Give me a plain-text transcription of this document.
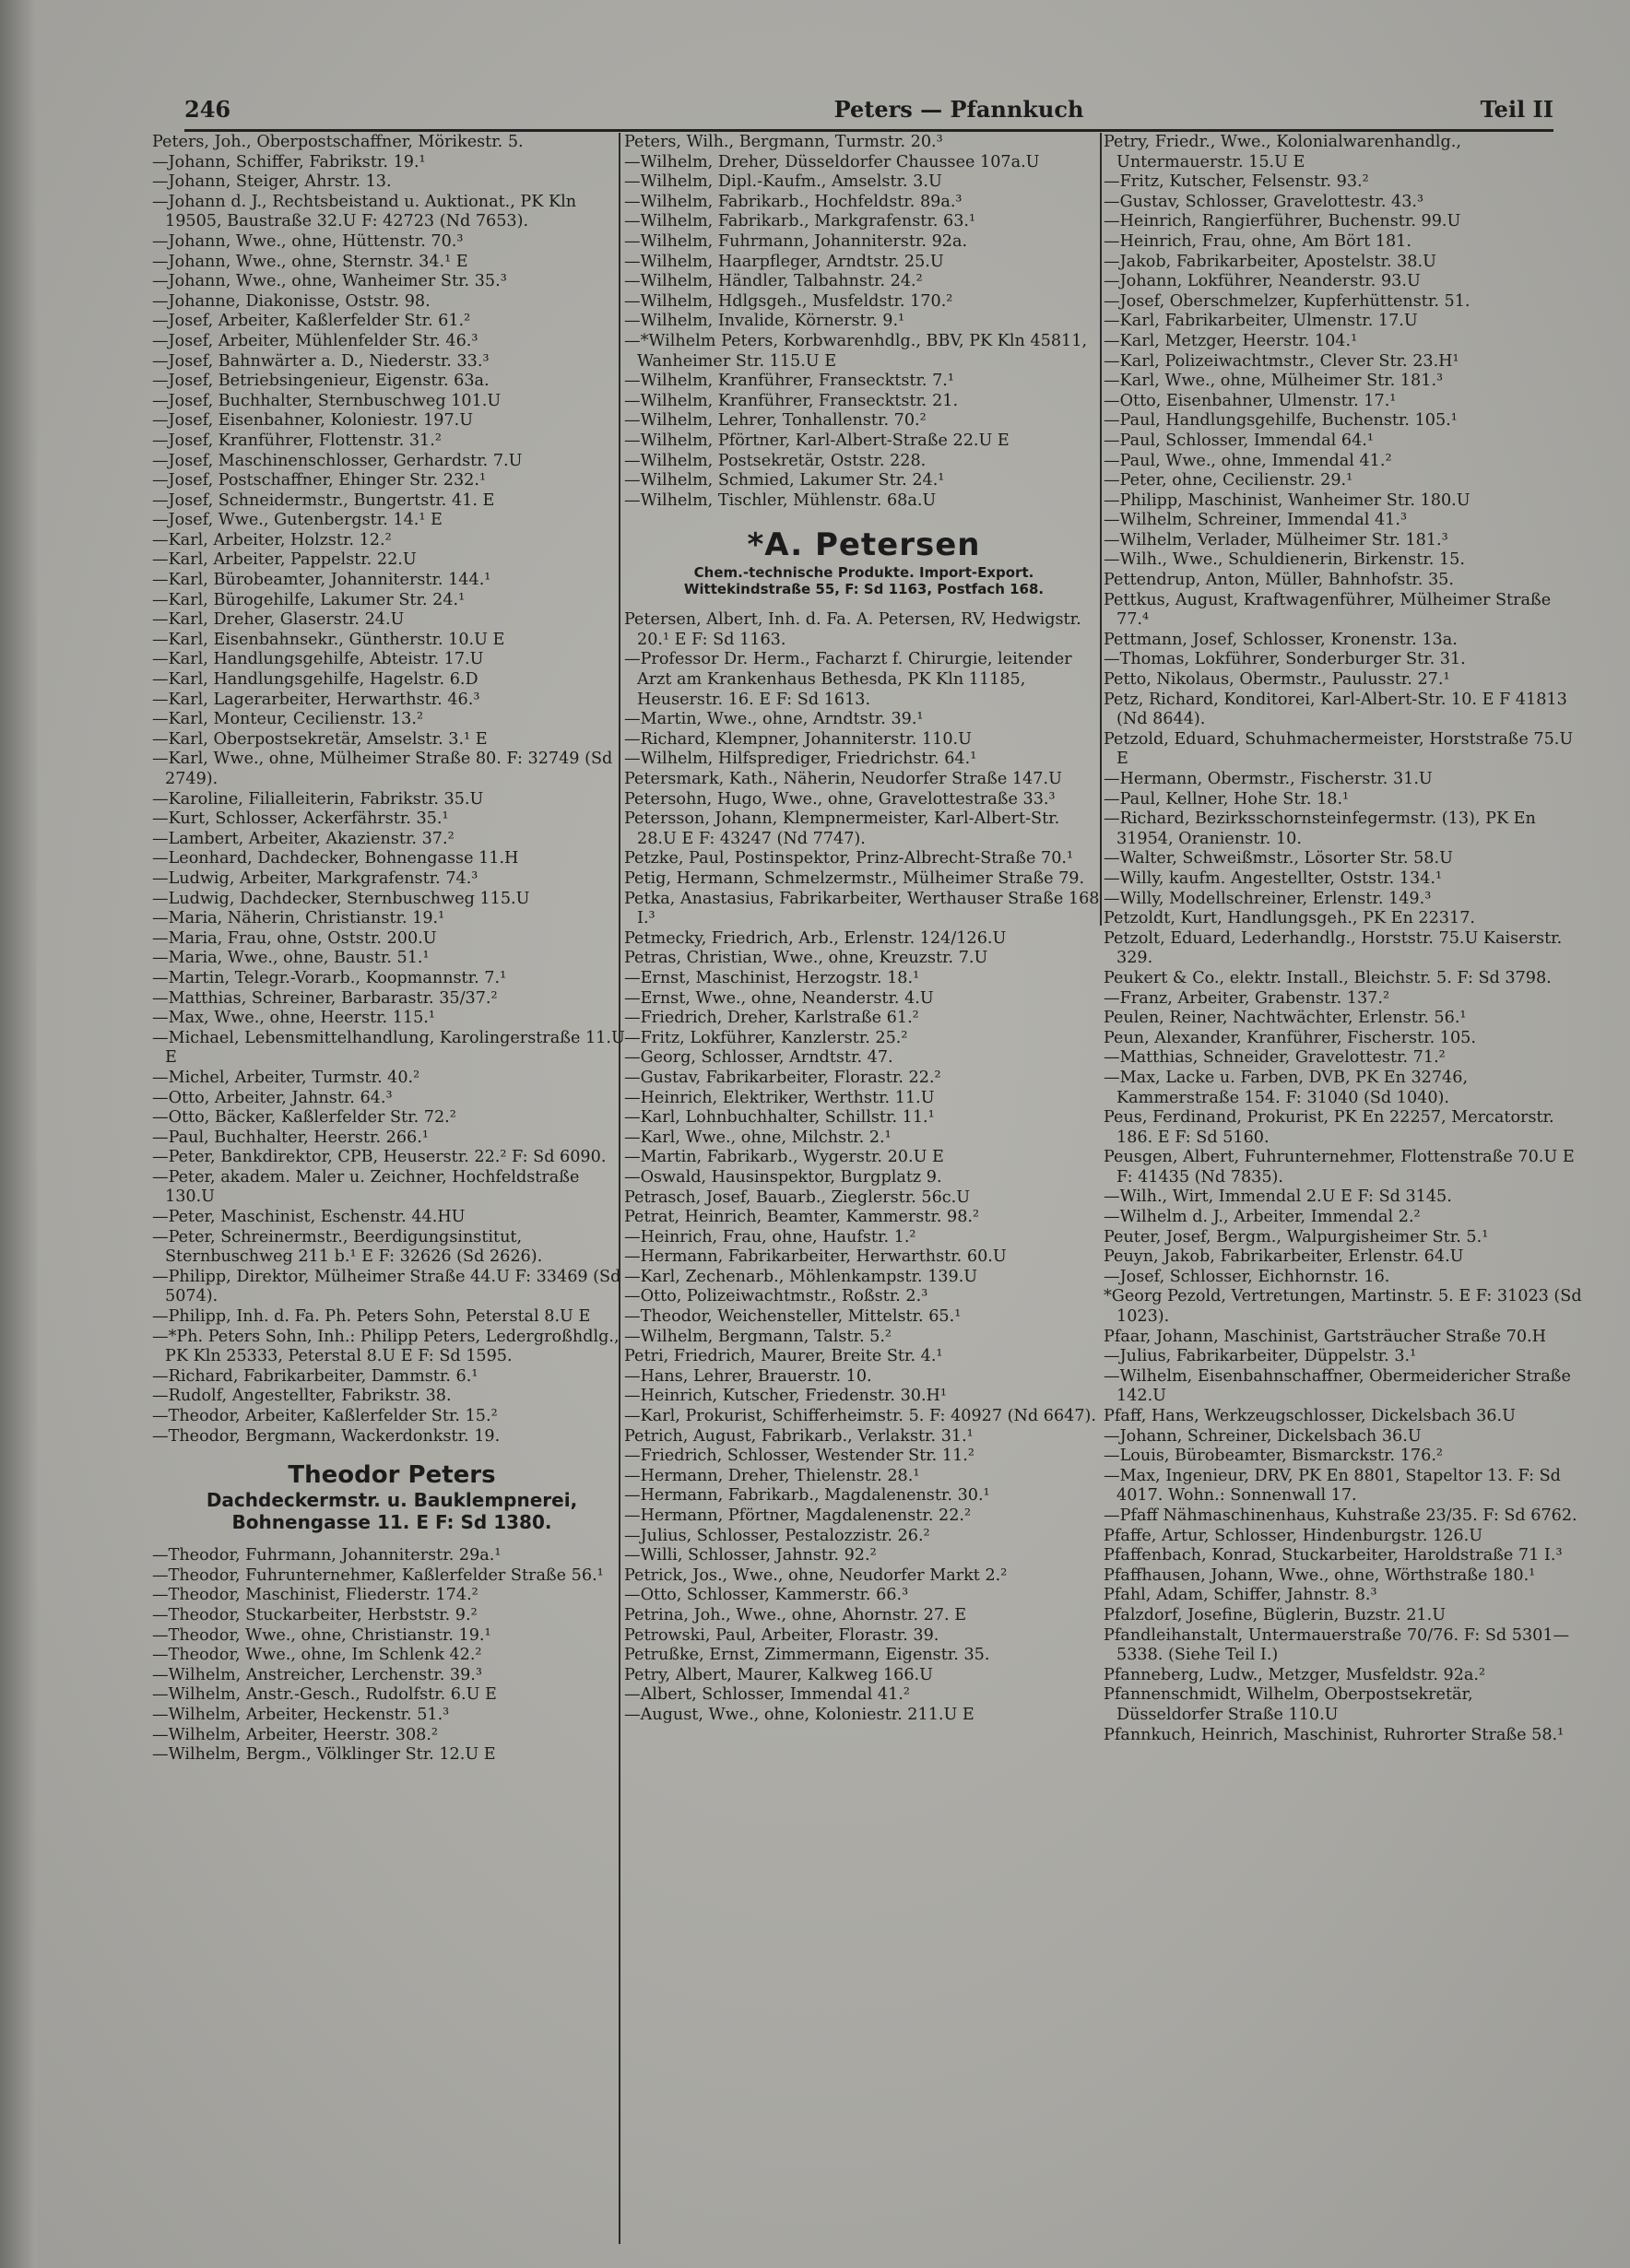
246	Peters — Pfannkuch	Teil II

Peters, Joh., Oberpostschaffner, Mörikestr. 5.

—Johann, Schiffer, Fabrikstr. 19.¹

—Johann, Steiger, Ahrstr. 13.

—Johann d. J., Rechtsbeistand u. Auktionat., PK Kln 19505, Baustraße 32.U F: 42723 (Nd 7653).

—Johann, Wwe., ohne, Hüttenstr. 70.³

—Johann, Wwe., ohne, Sternstr. 34.¹ E

—Johann, Wwe., ohne, Wanheimer Str. 35.³

—Johanne, Diakonisse, Oststr. 98.

—Josef, Arbeiter, Kaßlerfelder Str. 61.²

—Josef, Arbeiter, Mühlenfelder Str. 46.³

—Josef, Bahnwärter a. D., Niederstr. 33.³

—Josef, Betriebsingenieur, Eigenstr. 63a.

—Josef, Buchhalter, Sternbuschweg 101.U

—Josef, Eisenbahner, Koloniestr. 197.U

—Josef, Kranführer, Flottenstr. 31.²

—Josef, Maschinenschlosser, Gerhardstr. 7.U

—Josef, Postschaffner, Ehinger Str. 232.¹

—Josef, Schneidermstr., Bungertstr. 41. E

—Josef, Wwe., Gutenbergstr. 14.¹ E

—Karl, Arbeiter, Holzstr. 12.²

—Karl, Arbeiter, Pappelstr. 22.U

—Karl, Bürobeamter, Johanniterstr. 144.¹

—Karl, Bürogehilfe, Lakumer Str. 24.¹

—Karl, Dreher, Glaserstr. 24.U

—Karl, Eisenbahnsekr., Güntherstr. 10.U E

—Karl, Handlungsgehilfe, Abteistr. 17.U

—Karl, Handlungsgehilfe, Hagelstr. 6.D

—Karl, Lagerarbeiter, Herwarthstr. 46.³

—Karl, Monteur, Cecilienstr. 13.²

—Karl, Oberpostsekretär, Amselstr. 3.¹ E

—Karl, Wwe., ohne, Mülheimer Straße 80. F: 32749 (Sd 2749).

—Karoline, Filialleiterin, Fabrikstr. 35.U

—Kurt, Schlosser, Ackerfährstr. 35.¹

—Lambert, Arbeiter, Akazienstr. 37.²

—Leonhard, Dachdecker, Bohnengasse 11.H

—Ludwig, Arbeiter, Markgrafenstr. 74.³

—Ludwig, Dachdecker, Sternbuschweg 115.U

—Maria, Näherin, Christianstr. 19.¹

—Maria, Frau, ohne, Oststr. 200.U

—Maria, Wwe., ohne, Baustr. 51.¹

—Martin, Telegr.-Vorarb., Koopmannstr. 7.¹

—Matthias, Schreiner, Barbarastr. 35/37.²

—Max, Wwe., ohne, Heerstr. 115.¹

—Michael, Lebensmittelhandlung, Karolingerstraße 11.U E

—Michel, Arbeiter, Turmstr. 40.²

—Otto, Arbeiter, Jahnstr. 64.³

—Otto, Bäcker, Kaßlerfelder Str. 72.²

—Paul, Buchhalter, Heerstr. 266.¹

—Peter, Bankdirektor, CPB, Heuserstr. 22.² F: Sd 6090.

—Peter, akadem. Maler u. Zeichner, Hochfeldstraße 130.U

—Peter, Maschinist, Eschenstr. 44.HU

—Peter, Schreinermstr., Beerdigungsinstitut, Sternbuschweg 211 b.¹ E F: 32626 (Sd 2626).

—Philipp, Direktor, Mülheimer Straße 44.U F: 33469 (Sd 5074).

—Philipp, Inh. d. Fa. Ph. Peters Sohn, Peterstal 8.U E

—*Ph. Peters Sohn, Inh.: Philipp Peters, Ledergroßhdlg., PK Kln 25333, Peterstal 8.U E F: Sd 1595.

—Richard, Fabrikarbeiter, Dammstr. 6.¹

—Rudolf, Angestellter, Fabrikstr. 38.

—Theodor, Arbeiter, Kaßlerfelder Str. 15.²

—Theodor, Bergmann, Wackerdonkstr. 19.

Theodor Peters
Dachdeckermstr. u. Bauklempnerei,
Bohnengasse 11. E F: Sd 1380.

—Theodor, Fuhrmann, Johanniterstr. 29a.¹

—Theodor, Fuhrunternehmer, Kaßlerfelder Straße 56.¹

—Theodor, Maschinist, Fliederstr. 174.²

—Theodor, Stuckarbeiter, Herbststr. 9.²

—Theodor, Wwe., ohne, Christianstr. 19.¹

—Theodor, Wwe., ohne, Im Schlenk 42.²

—Wilhelm, Anstreicher, Lerchenstr. 39.³

—Wilhelm, Anstr.-Gesch., Rudolfstr. 6.U E

—Wilhelm, Arbeiter, Heckenstr. 51.³

—Wilhelm, Arbeiter, Heerstr. 308.²

—Wilhelm, Bergm., Völklinger Str. 12.U E

Peters, Wilh., Bergmann, Turmstr. 20.³

—Wilhelm, Dreher, Düsseldorfer Chaussee 107a.U

—Wilhelm, Dipl.-Kaufm., Amselstr. 3.U

—Wilhelm, Fabrikarb., Hochfeldstr. 89a.³

—Wilhelm, Fabrikarb., Markgrafenstr. 63.¹

—Wilhelm, Fuhrmann, Johanniterstr. 92a.

—Wilhelm, Haarpfleger, Arndtstr. 25.U

—Wilhelm, Händler, Talbahnstr. 24.²

—Wilhelm, Hdlgsgeh., Musfeldstr. 170.²

—Wilhelm, Invalide, Körnerstr. 9.¹

—*Wilhelm Peters, Korbwarenhdlg., BBV, PK Kln 45811, Wanheimer Str. 115.U E

—Wilhelm, Kranführer, Fransecktstr. 7.¹

—Wilhelm, Kranführer, Fransecktstr. 21.

—Wilhelm, Lehrer, Tonhallenstr. 70.²

—Wilhelm, Pförtner, Karl-Albert-Straße 22.U E

—Wilhelm, Postsekretär, Oststr. 228.

—Wilhelm, Schmied, Lakumer Str. 24.¹

—Wilhelm, Tischler, Mühlenstr. 68a.U

*A. Petersen
Chem.-technische Produkte. Import-Export.
Wittekindstraße 55, F: Sd 1163, Postfach 168.

Petersen, Albert, Inh. d. Fa. A. Petersen, RV, Hedwigstr. 20.¹ E F: Sd 1163.

—Professor Dr. Herm., Facharzt f. Chirurgie, leitender Arzt am Krankenhaus Bethesda, PK Kln 11185, Heuserstr. 16. E F: Sd 1613.

—Martin, Wwe., ohne, Arndtstr. 39.¹

—Richard, Klempner, Johanniterstr. 110.U

—Wilhelm, Hilfsprediger, Friedrichstr. 64.¹

Petersmark, Kath., Näherin, Neudorfer Straße 147.U

Petersohn, Hugo, Wwe., ohne, Gravelottestraße 33.³

Petersson, Johann, Klempnermeister, Karl-Albert-Str. 28.U E F: 43247 (Nd 7747).

Petzke, Paul, Postinspektor, Prinz-Albrecht-Straße 70.¹

Petig, Hermann, Schmelzermstr., Mülheimer Straße 79.

Petka, Anastasius, Fabrikarbeiter, Werthauser Straße 168 I.³

Petmecky, Friedrich, Arb., Erlenstr. 124/126.U

Petras, Christian, Wwe., ohne, Kreuzstr. 7.U

—Ernst, Maschinist, Herzogstr. 18.¹

—Ernst, Wwe., ohne, Neanderstr. 4.U

—Friedrich, Dreher, Karlstraße 61.²

—Fritz, Lokführer, Kanzlerstr. 25.²

—Georg, Schlosser, Arndtstr. 47.

—Gustav, Fabrikarbeiter, Florastr. 22.²

—Heinrich, Elektriker, Werthstr. 11.U

—Karl, Lohnbuchhalter, Schillstr. 11.¹

—Karl, Wwe., ohne, Milchstr. 2.¹

—Martin, Fabrikarb., Wygerstr. 20.U E

—Oswald, Hausinspektor, Burgplatz 9.

Petrasch, Josef, Bauarb., Zieglerstr. 56c.U

Petrat, Heinrich, Beamter, Kammerstr. 98.²

—Heinrich, Frau, ohne, Haufstr. 1.²

—Hermann, Fabrikarbeiter, Herwarthstr. 60.U

—Karl, Zechenarb., Möhlenkampstr. 139.U

—Otto, Polizeiwachtmstr., Roßstr. 2.³

—Theodor, Weichensteller, Mittelstr. 65.¹

—Wilhelm, Bergmann, Talstr. 5.²

Petri, Friedrich, Maurer, Breite Str. 4.¹

—Hans, Lehrer, Brauerstr. 10.

—Heinrich, Kutscher, Friedenstr. 30.H¹

—Karl, Prokurist, Schifferheimstr. 5. F: 40927 (Nd 6647).

Petrich, August, Fabrikarb., Verlakstr. 31.¹

—Friedrich, Schlosser, Westender Str. 11.²

—Hermann, Dreher, Thielenstr. 28.¹

—Hermann, Fabrikarb., Magdalenenstr. 30.¹

—Hermann, Pförtner, Magdalenenstr. 22.²

—Julius, Schlosser, Pestalozzistr. 26.²

—Willi, Schlosser, Jahnstr. 92.²

Petrick, Jos., Wwe., ohne, Neudorfer Markt 2.²

—Otto, Schlosser, Kammerstr. 66.³

Petrina, Joh., Wwe., ohne, Ahornstr. 27. E

Petrowski, Paul, Arbeiter, Florastr. 39.

Petrußke, Ernst, Zimmermann, Eigenstr. 35.

Petry, Albert, Maurer, Kalkweg 166.U

—Albert, Schlosser, Immendal 41.²

—August, Wwe., ohne, Koloniestr. 211.U E

Petry, Friedr., Wwe., Kolonialwarenhandlg., Untermauerstr. 15.U E

—Fritz, Kutscher, Felsenstr. 93.²

—Gustav, Schlosser, Gravelottestr. 43.³

—Heinrich, Rangierführer, Buchenstr. 99.U

—Heinrich, Frau, ohne, Am Bört 181.

—Jakob, Fabrikarbeiter, Apostelstr. 38.U

—Johann, Lokführer, Neanderstr. 93.U

—Josef, Oberschmelzer, Kupferhüttenstr. 51.

—Karl, Fabrikarbeiter, Ulmenstr. 17.U

—Karl, Metzger, Heerstr. 104.¹

—Karl, Polizeiwachtmstr., Clever Str. 23.H¹

—Karl, Wwe., ohne, Mülheimer Str. 181.³

—Otto, Eisenbahner, Ulmenstr. 17.¹

—Paul, Handlungsgehilfe, Buchenstr. 105.¹

—Paul, Schlosser, Immendal 64.¹

—Paul, Wwe., ohne, Immendal 41.²

—Peter, ohne, Cecilienstr. 29.¹

—Philipp, Maschinist, Wanheimer Str. 180.U

—Wilhelm, Schreiner, Immendal 41.³

—Wilhelm, Verlader, Mülheimer Str. 181.³

—Wilh., Wwe., Schuldienerin, Birkenstr. 15.

Pettendrup, Anton, Müller, Bahnhofstr. 35.

Pettkus, August, Kraftwagenführer, Mülheimer Straße 77.⁴

Pettmann, Josef, Schlosser, Kronenstr. 13a.

—Thomas, Lokführer, Sonderburger Str. 31.

Petto, Nikolaus, Obermstr., Paulusstr. 27.¹

Petz, Richard, Konditorei, Karl-Albert-Str. 10. E F 41813 (Nd 8644).

Petzold, Eduard, Schuhmachermeister, Horststraße 75.U E

—Hermann, Obermstr., Fischerstr. 31.U

—Paul, Kellner, Hohe Str. 18.¹

—Richard, Bezirksschornsteinfegermstr. (13), PK En 31954, Oranienstr. 10.

—Walter, Schweißmstr., Lösorter Str. 58.U

—Willy, kaufm. Angestellter, Oststr. 134.¹

—Willy, Modellschreiner, Erlenstr. 149.³

Petzoldt, Kurt, Handlungsgeh., PK En 22317.

Petzolt, Eduard, Lederhandlg., Horststr. 75.U Kaiserstr. 329.

Peukert & Co., elektr. Install., Bleichstr. 5. F: Sd 3798.

—Franz, Arbeiter, Grabenstr. 137.²

Peulen, Reiner, Nachtwächter, Erlenstr. 56.¹

Peun, Alexander, Kranführer, Fischerstr. 105.

—Matthias, Schneider, Gravelottestr. 71.²

—Max, Lacke u. Farben, DVB, PK En 32746, Kammerstraße 154. F: 31040 (Sd 1040).

Peus, Ferdinand, Prokurist, PK En 22257, Mercatorstr. 186. E F: Sd 5160.

Peusgen, Albert, Fuhrunternehmer, Flottenstraße 70.U E F: 41435 (Nd 7835).

—Wilh., Wirt, Immendal 2.U E F: Sd 3145.

—Wilhelm d. J., Arbeiter, Immendal 2.²

Peuter, Josef, Bergm., Walpurgisheimer Str. 5.¹

Peuyn, Jakob, Fabrikarbeiter, Erlenstr. 64.U

—Josef, Schlosser, Eichhornstr. 16.

*Georg Pezold, Vertretungen, Martinstr. 5. E F: 31023 (Sd 1023).

Pfaar, Johann, Maschinist, Gartsträucher Straße 70.H

—Julius, Fabrikarbeiter, Düppelstr. 3.¹

—Wilhelm, Eisenbahnschaffner, Obermeidericher Straße 142.U

Pfaff, Hans, Werkzeugschlosser, Dickelsbach 36.U

—Johann, Schreiner, Dickelsbach 36.U

—Louis, Bürobeamter, Bismarckstr. 176.²

—Max, Ingenieur, DRV, PK En 8801, Stapeltor 13. F: Sd 4017. Wohn.: Sonnenwall 17.

—Pfaff Nähmaschinenhaus, Kuhstraße 23/35. F: Sd 6762.

Pfaffe, Artur, Schlosser, Hindenburgstr. 126.U

Pfaffenbach, Konrad, Stuckarbeiter, Haroldstraße 71 I.³

Pfaffhausen, Johann, Wwe., ohne, Wörthstraße 180.¹

Pfahl, Adam, Schiffer, Jahnstr. 8.³

Pfalzdorf, Josefine, Büglerin, Buzstr. 21.U

Pfandleihanstalt, Untermauerstraße 70/76. F: Sd 5301—5338. (Siehe Teil I.)

Pfanneberg, Ludw., Metzger, Musfeldstr. 92a.²

Pfannenschmidt, Wilhelm, Oberpostsekretär, Düsseldorfer Straße 110.U

Pfannkuch, Heinrich, Maschinist, Ruhrorter Straße 58.¹
